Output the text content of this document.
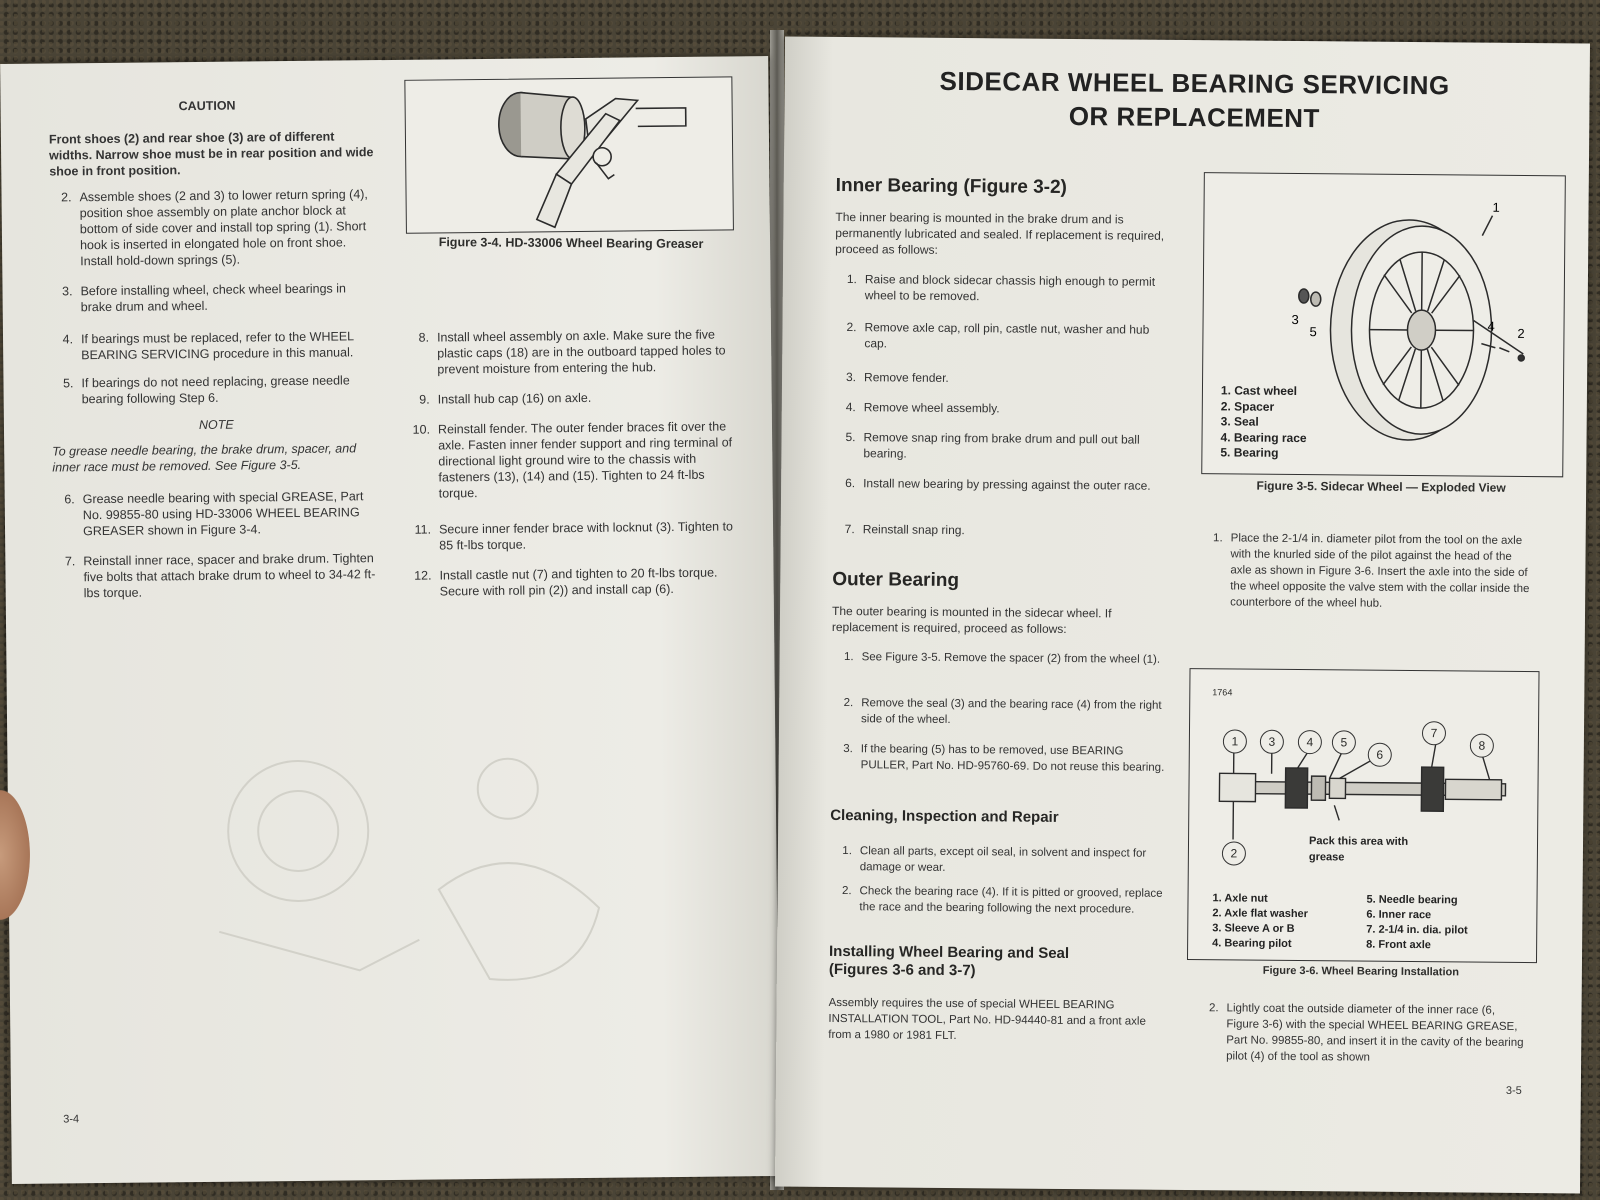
CAUTION
Front shoes (2) and rear shoe (3) are of different widths. Narrow shoe must be in rear position and wide shoe in front position.
2. Assemble shoes (2 and 3) to lower return spring (4), position shoe assembly on plate anchor block at bottom of side cover and install top spring (1). Short hook is inserted in elongated hole on front shoe. Install hold-down springs (5).
3. Before installing wheel, check wheel bearings in brake drum and wheel.
4. If bearings must be replaced, refer to the WHEEL BEARING SERVICING procedure in this manual.
5. If bearings do not need replacing, grease needle bearing following Step 6.
NOTE
To grease needle bearing, the brake drum, spacer, and inner race must be removed. See Figure 3-5.
6. Grease needle bearing with special GREASE, Part No. 99855-80 using HD-33006 WHEEL BEARING GREASER shown in Figure 3-4.
7. Reinstall inner race, spacer and brake drum. Tighten five bolts that attach brake drum to wheel to 34-42 ft-lbs torque.
Figure 3-4. HD-33006 Wheel Bearing Greaser
8. Install wheel assembly on axle. Make sure the five plastic caps (18) are in the outboard tapped holes to prevent moisture from entering the hub.
9. Install hub cap (16) on axle.
10. Reinstall fender. The outer fender braces fit over the axle. Fasten inner fender support and ring terminal of directional light ground wire to the chassis with fasteners (13), (14) and (15). Tighten to 24 ft-lbs torque.
11. Secure inner fender brace with locknut (3). Tighten to 85 ft-lbs torque.
12. Install castle nut (7) and tighten to 20 ft-lbs torque. Secure with roll pin (2)) and install cap (6).
3-4
SIDECAR WHEEL BEARING SERVICING
OR REPLACEMENT
Inner Bearing (Figure 3-2)
The inner bearing is mounted in the brake drum and is permanently lubricated and sealed. If replacement is required, proceed as follows:
1. Raise and block sidecar chassis high enough to permit wheel to be removed.
2. Remove axle cap, roll pin, castle nut, washer and hub cap.
3. Remove fender.
4. Remove wheel assembly.
5. Remove snap ring from brake drum and pull out ball bearing.
6. Install new bearing by pressing against the outer race.
7. Reinstall snap ring.
Outer Bearing
The outer bearing is mounted in the sidecar wheel. If replacement is required, proceed as follows:
1. See Figure 3-5. Remove the spacer (2) from the wheel (1).
2. Remove the seal (3) and the bearing race (4) from the right side of the wheel.
3. If the bearing (5) has to be removed, use BEARING PULLER, Part No. HD-95760-69. Do not reuse this bearing.
Cleaning, Inspection and Repair
1. Clean all parts, except oil seal, in solvent and inspect for damage or wear.
2. Check the bearing race (4). If it is pitted or grooved, replace the race and the bearing following the next procedure.
Installing Wheel Bearing and Seal (Figures 3-6 and 3-7)
Assembly requires the use of special WHEEL BEARING INSTALLATION TOOL, Part No. HD-94440-81 and a front axle from a 1980 or 1981 FLT.
1
2
3	4
5
1. Cast wheel
2. Spacer
3. Seal
4. Bearing race
5. Bearing
Figure 3-5. Sidecar Wheel — Exploded View
1. Place the 2-1/4 in. diameter pilot from the tool on the axle with the knurled side of the pilot against the head of the axle as shown in Figure 3-6. Insert the axle into the side of the wheel opposite the valve stem with the collar inside the counterbore of the wheel hub.
1764
1	3	4	5
6
7
8
2
Pack this area with grease
1. Axle nut
2. Axle flat washer
3. Sleeve A or B
4. Bearing pilot
5. Needle bearing
6. Inner race
7. 2-1/4 in. dia. pilot
8. Front axle
Figure 3-6. Wheel Bearing Installation
2. Lightly coat the outside diameter of the inner race (6, Figure 3-6) with the special WHEEL BEARING GREASE, Part No. 99855-80, and insert it in the cavity of the bearing pilot (4) of the tool as shown
3-5
